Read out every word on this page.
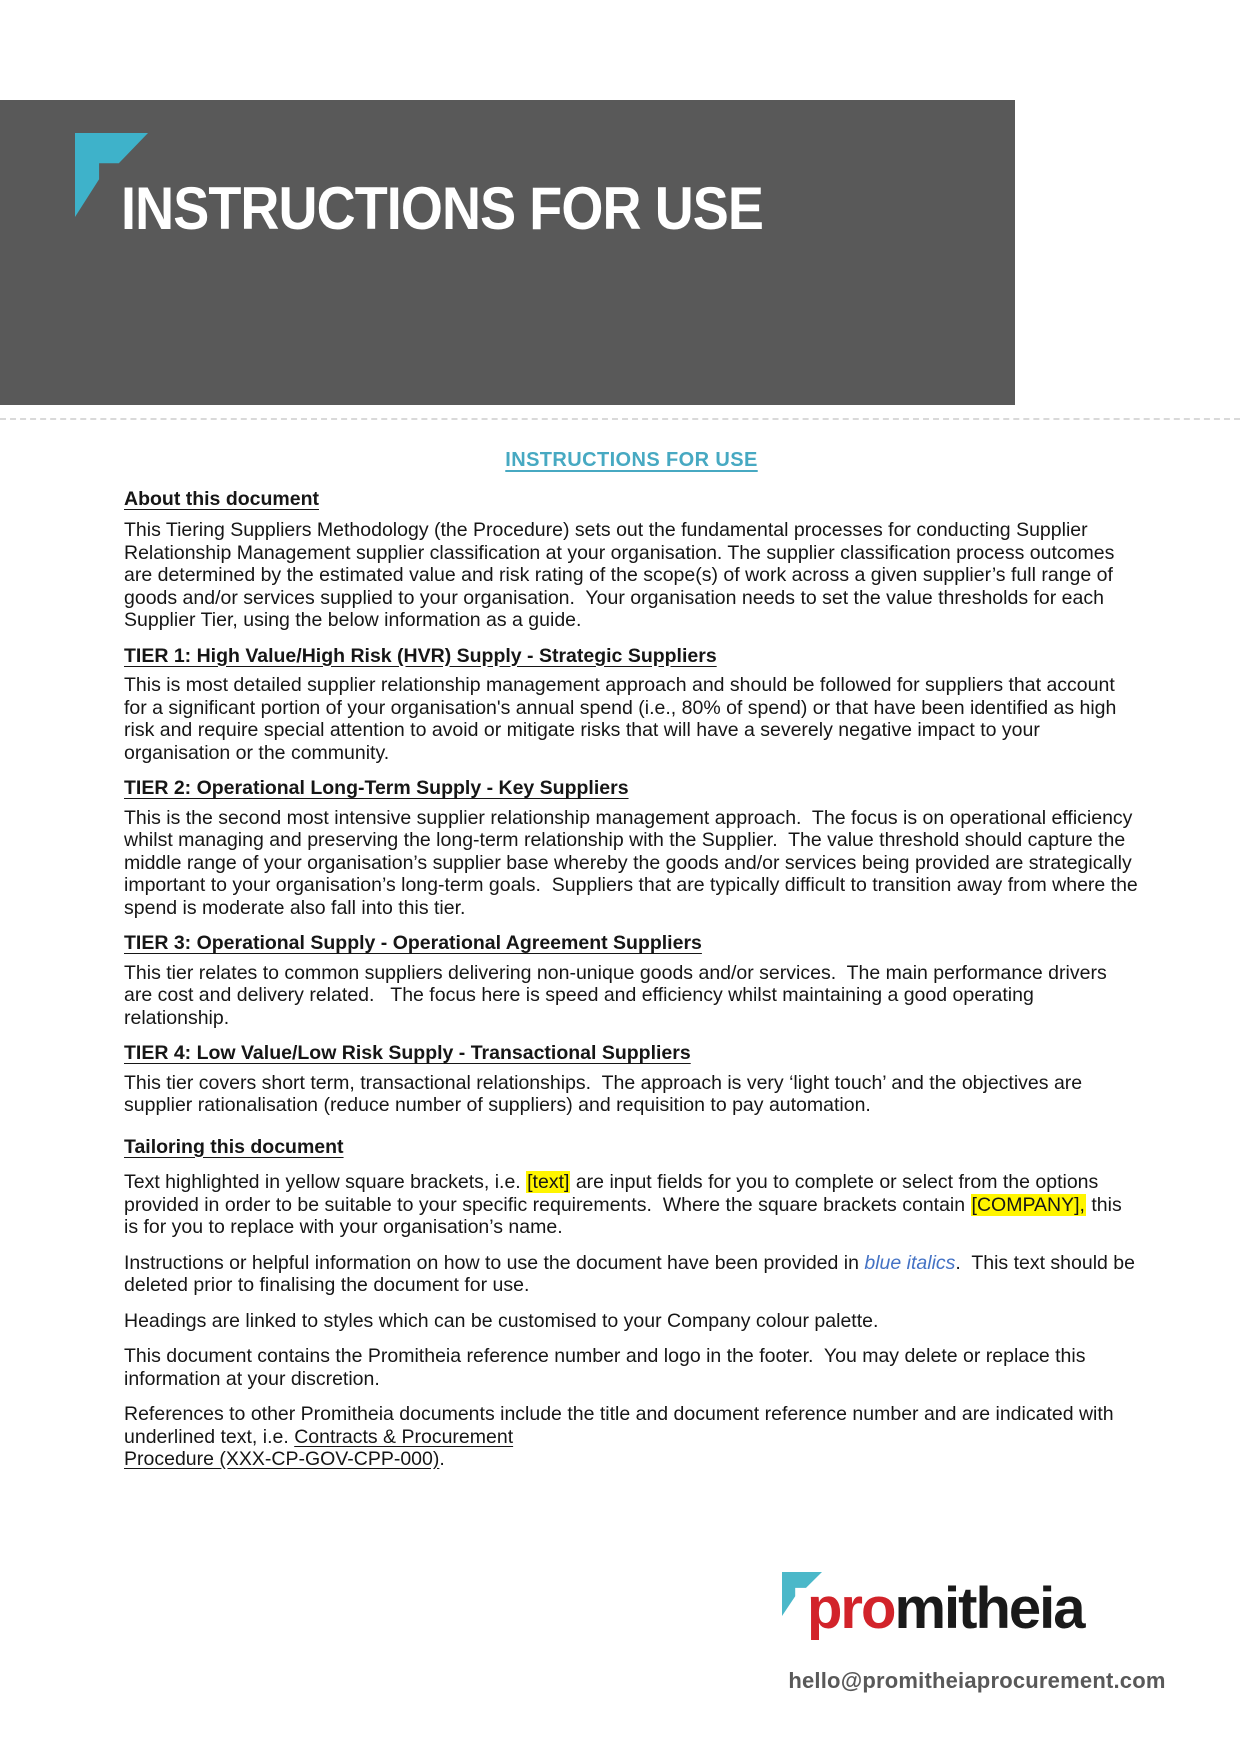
INSTRUCTIONS FOR USE
INSTRUCTIONS FOR USE
About this document

This Tiering Suppliers Methodology (the Procedure) sets out the fundamental processes for conducting Supplier Relationship Management supplier classification at your organisation. The supplier classification process outcomes are determined by the estimated value and risk rating of the scope(s) of work across a given supplier’s full range of goods and/or services supplied to your organisation.  Your organisation needs to set the value thresholds for each Supplier Tier, using the below information as a guide.

TIER 1: High Value/High Risk (HVR) Supply - Strategic Suppliers

This is most detailed supplier relationship management approach and should be followed for suppliers that account for a significant portion of your organisation's annual spend (i.e., 80% of spend) or that have been identified as high risk and require special attention to avoid or mitigate risks that will have a severely negative impact to your organisation or the community.

TIER 2: Operational Long-Term Supply - Key Suppliers

This is the second most intensive supplier relationship management approach.  The focus is on operational efficiency whilst managing and preserving the long-term relationship with the Supplier.  The value threshold should capture the middle range of your organisation’s supplier base whereby the goods and/or services being provided are strategically important to your organisation’s long-term goals.  Suppliers that are typically difficult to transition away from where the spend is moderate also fall into this tier.

TIER 3: Operational Supply - Operational Agreement Suppliers

This tier relates to common suppliers delivering non-unique goods and/or services.  The main performance drivers are cost and delivery related.   The focus here is speed and efficiency whilst maintaining a good operating relationship.

TIER 4: Low Value/Low Risk Supply - Transactional Suppliers

This tier covers short term, transactional relationships.  The approach is very ‘light touch’ and the objectives are supplier rationalisation (reduce number of suppliers) and requisition to pay automation.

Tailoring this document

Text highlighted in yellow square brackets, i.e. [text] are input fields for you to complete or select from the options provided in order to be suitable to your specific requirements.  Where the square brackets contain [COMPANY], this is for you to replace with your organisation’s name.

Instructions or helpful information on how to use the document have been provided in blue italics.  This text should be deleted prior to finalising the document for use.

Headings are linked to styles which can be customised to your Company colour palette.

This document contains the Promitheia reference number and logo in the footer.  You may delete or replace this information at your discretion.

References to other Promitheia documents include the title and document reference number and are indicated with underlined text, i.e. Contracts & Procurement
Procedure (XXX-CP-GOV-CPP-000).

promitheia
hello@promitheiaprocurement.com
